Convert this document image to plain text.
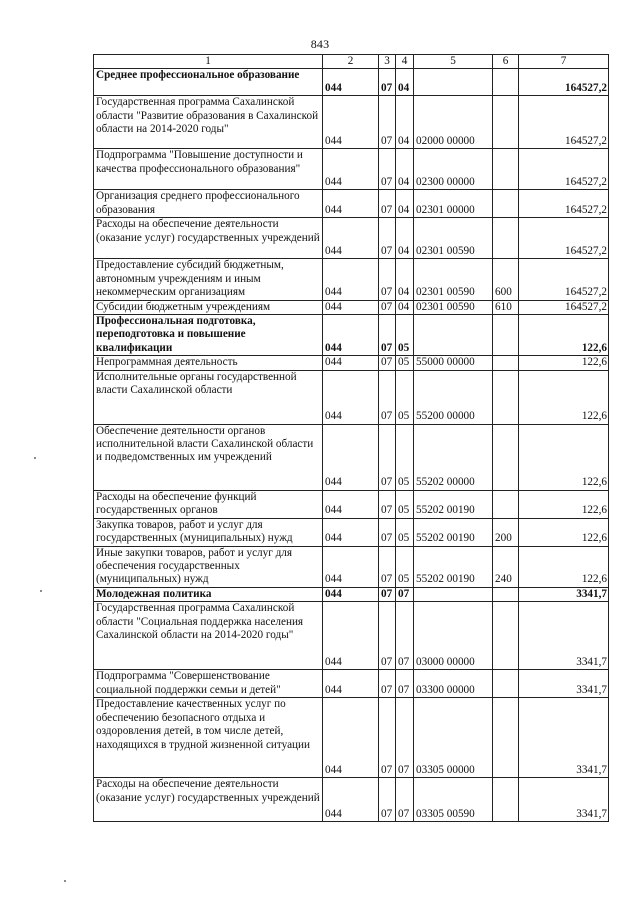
843
1	2	3	4	5	6	7
Среднее профессиональное образование	044	07	04			164527,2
Государственная программа Сахалинской области "Развитие образования в Сахалинской области на 2014-2020 годы"	044	07	04	02000 00000		164527,2
Подпрограмма "Повышение доступности и качества профессионального образования"	044	07	04	02300 00000		164527,2
Организация среднего профессионального образования	044	07	04	02301 00000		164527,2
Расходы на обеспечение деятельности (оказание услуг) государственных учреждений	044	07	04	02301 00590		164527,2
Предоставление субсидий бюджетным, автономным учреждениям и иным некоммерческим организациям	044	07	04	02301 00590	600	164527,2
Субсидии бюджетным учреждениям	044	07	04	02301 00590	610	164527,2
Профессиональная подготовка, переподготовка и повышение квалификации	044	07	05			122,6
Непрограммная деятельность	044	07	05	55000 00000		122,6
Исполнительные органы государственной власти Сахалинской области	044	07	05	55200 00000		122,6
Обеспечение деятельности органов исполнительной власти Сахалинской области и подведомственных им учреждений	044	07	05	55202 00000		122,6
Расходы на обеспечение функций государственных органов	044	07	05	55202 00190		122,6
Закупка товаров, работ и услуг для государственных (муниципальных) нужд	044	07	05	55202 00190	200	122,6
Иные закупки товаров, работ и услуг для обеспечения государственных (муниципальных) нужд	044	07	05	55202 00190	240	122,6
Молодежная политика	044	07	07			3341,7
Государственная программа Сахалинской области "Социальная поддержка населения Сахалинской области на 2014-2020 годы"	044	07	07	03000 00000		3341,7
Подпрограмма "Совершенствование социальной поддержки семьи и детей"	044	07	07	03300 00000		3341,7
Предоставление качественных услуг по обеспечению безопасного отдыха и оздоровления детей, в том числе детей, находящихся в трудной жизненной ситуации	044	07	07	03305 00000		3341,7
Расходы на обеспечение деятельности (оказание услуг) государственных учреждений	044	07	07	03305 00590		3341,7
